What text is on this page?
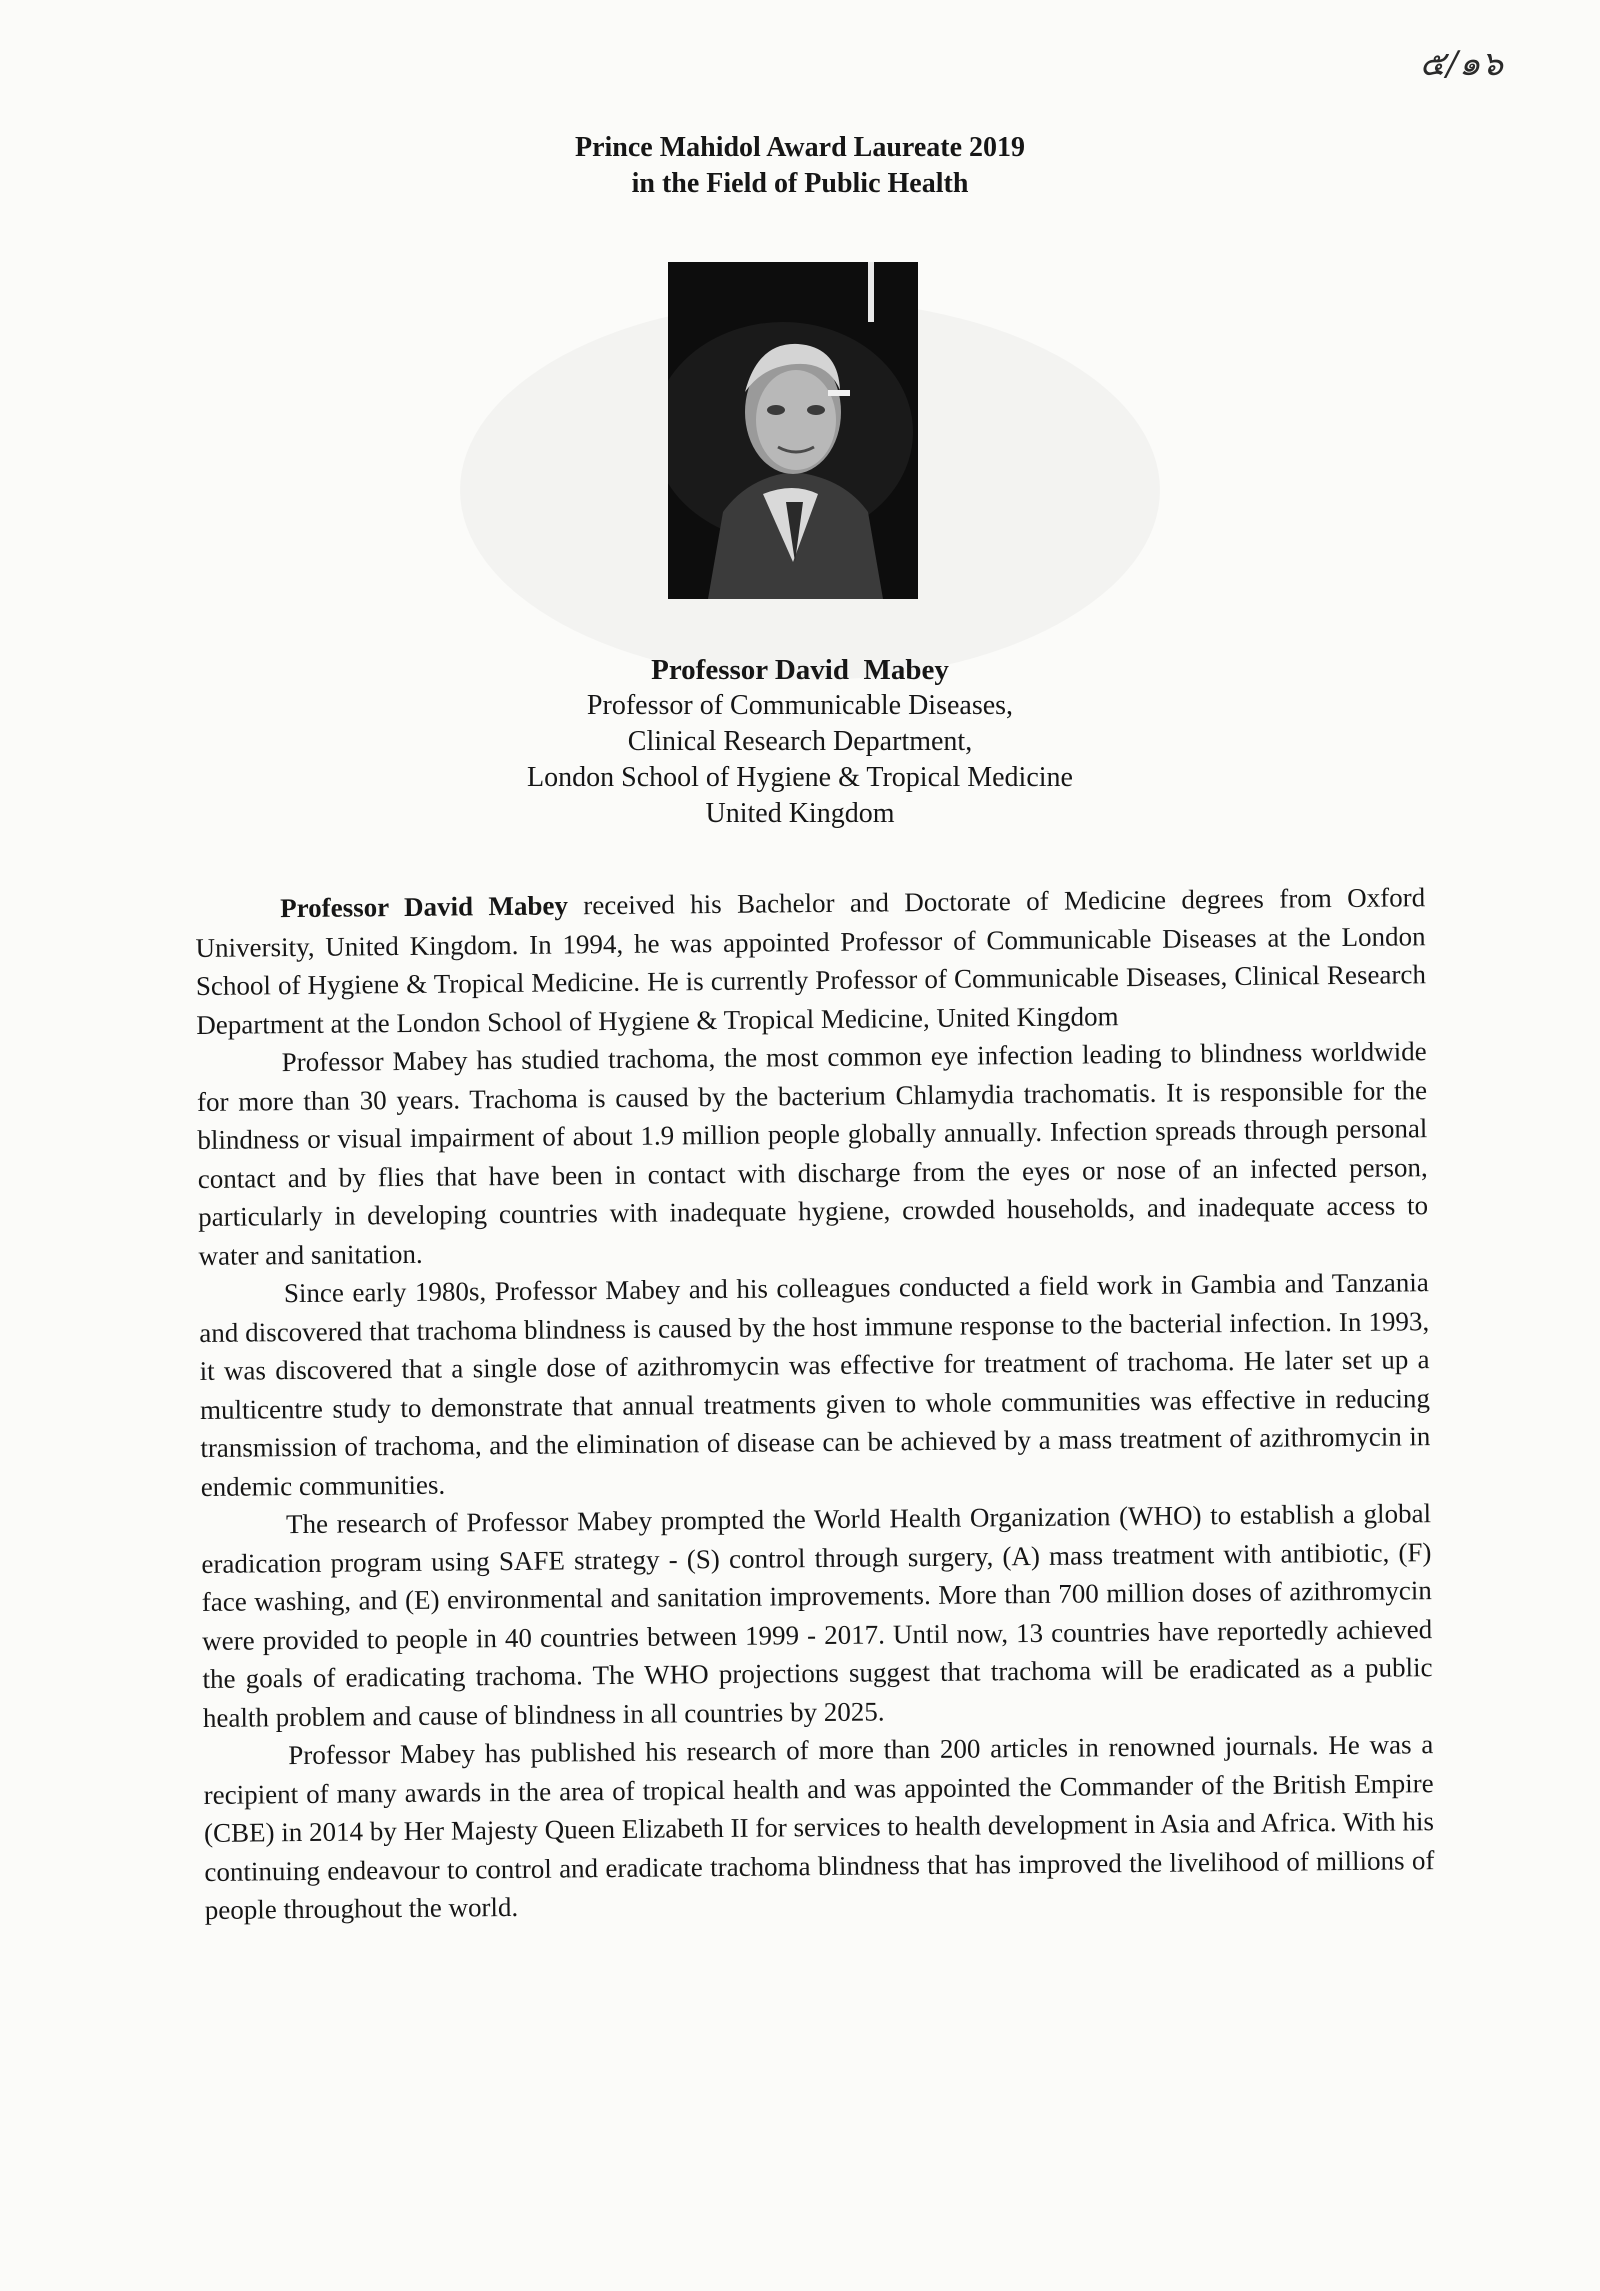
๕/๑๖
Prince Mahidol Award Laureate 2019
in the Field of Public Health
Professor David  Mabey
Professor of Communicable Diseases,
Clinical Research Department,
London School of Hygiene & Tropical Medicine
United Kingdom

Professor David Mabey received his Bachelor and Doctorate of Medicine degrees from Oxford University, United Kingdom. In 1994, he was appointed Professor of Communicable Diseases at the London School of Hygiene & Tropical Medicine. He is currently Professor of Communicable Diseases, Clinical Research Department at the London School of Hygiene & Tropical Medicine, United Kingdom

Professor Mabey has studied trachoma, the most common eye infection leading to blindness worldwide for more than 30 years. Trachoma is caused by the bacterium Chlamydia trachomatis. It is responsible for the blindness or visual impairment of about 1.9 million people globally annually. Infection spreads through personal contact and by flies that have been in contact with discharge from the eyes or nose of an infected person, particularly in developing countries with inadequate hygiene, crowded households, and inadequate access to water and sanitation.

Since early 1980s, Professor Mabey and his colleagues conducted a field work in Gambia and Tanzania and discovered that trachoma blindness is caused by the host immune response to the bacterial infection. In 1993, it was discovered that a single dose of azithromycin was effective for treatment of trachoma. He later set up a multicentre study to demonstrate that annual treatments given to whole communities was effective in reducing transmission of trachoma, and the elimination of disease can be achieved by a mass treatment of azithromycin in endemic communities.

The research of Professor Mabey prompted the World Health Organization (WHO) to establish a global eradication program using SAFE strategy - (S) control through surgery, (A) mass treatment with antibiotic, (F) face washing, and (E) environmental and sanitation improvements. More than 700 million doses of azithromycin were provided to people in 40 countries between 1999 - 2017. Until now, 13 countries have reportedly achieved the goals of eradicating trachoma. The WHO projections suggest that trachoma will be eradicated as a public health problem and cause of blindness in all countries by 2025.

Professor Mabey has published his research of more than 200 articles in renowned journals. He was a recipient of many awards in the area of tropical health and was appointed the Commander of the British Empire (CBE) in 2014 by Her Majesty Queen Elizabeth II for services to health development in Asia and Africa. With his continuing endeavour to control and eradicate trachoma blindness that has improved the livelihood of millions of people throughout the world.
